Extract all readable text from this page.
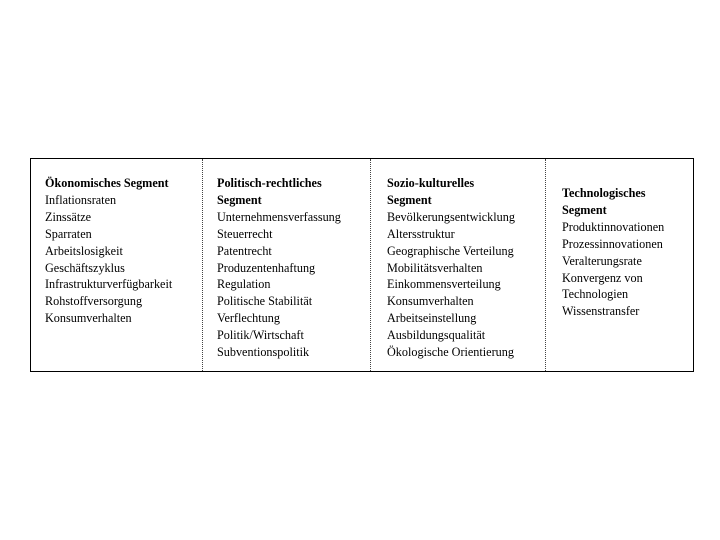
Ökonomisches Segment
Inflationsraten
Zinssätze
Sparraten
Arbeitslosigkeit
Geschäftszyklus
Infrastrukturverfügbarkeit
Rohstoffversorgung
Konsumverhalten
Politisch-rechtliches
Segment
Unternehmensverfassung
Steuerrecht
Patentrecht
Produzentenhaftung
Regulation
Politische Stabilität
Verflechtung
Politik/Wirtschaft
Subventionspolitik
Sozio-kulturelles
Segment
Bevölkerungsentwicklung
Altersstruktur
Geographische Verteilung
Mobilitätsverhalten
Einkommensverteilung
Konsumverhalten
Arbeitseinstellung
Ausbildungsqualität
Ökologische Orientierung
Technologisches
Segment
Produktinnovationen
Prozessinnovationen
Veralterungsrate
Konvergenz von
Technologien
Wissenstransfer
